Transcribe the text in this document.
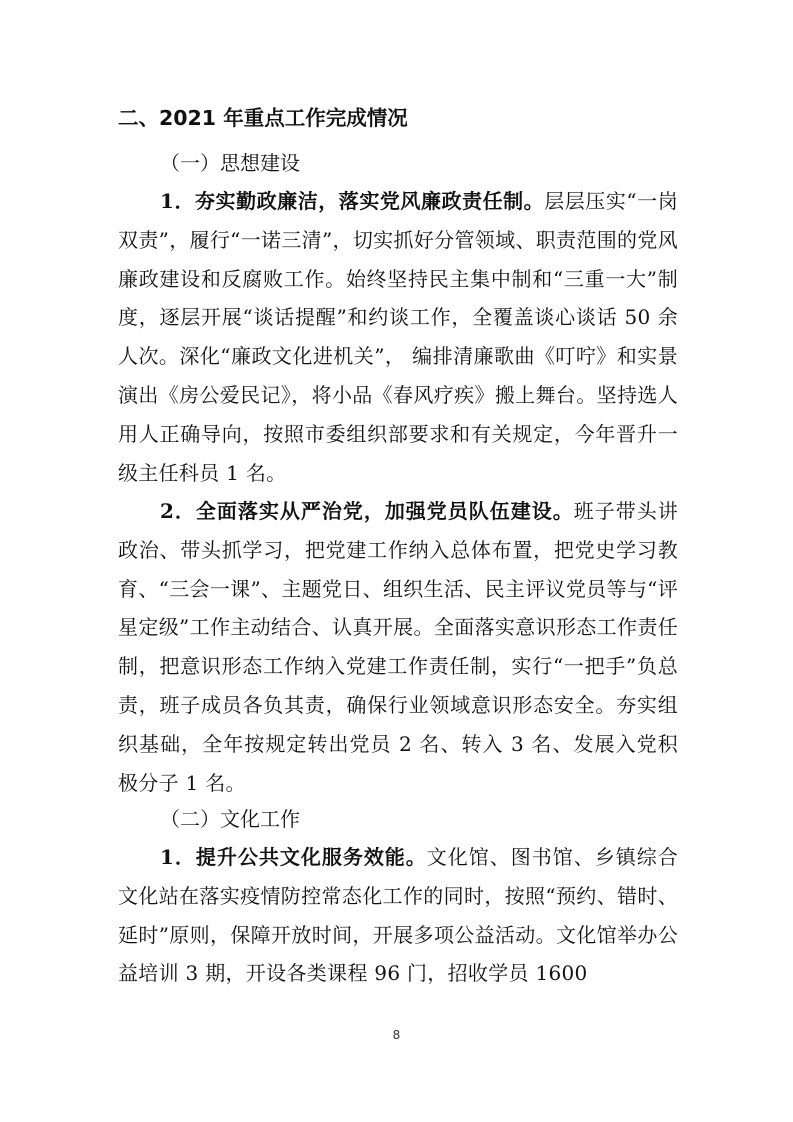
二、2021 年重点工作完成情况
（一）思想建设

1．夯实勤政廉洁，落实党风廉政责任制。层层压实“一岗双责”，履行“一诺三清”，切实抓好分管领域、职责范围的党风廉政建设和反腐败工作。始终坚持民主集中制和“三重一大”制度，逐层开展“谈话提醒”和约谈工作，全覆盖谈心谈话 50 余人次。深化“廉政文化进机关”， 编排清廉歌曲《叮咛》和实景演出《房公爱民记》，将小品《春风疗疾》搬上舞台。坚持选人用人正确导向，按照市委组织部要求和有关规定，今年晋升一级主任科员 1 名。

2．全面落实从严治党，加强党员队伍建设。班子带头讲政治、带头抓学习，把党建工作纳入总体布置，把党史学习教育、“三会一课”、主题党日、组织生活、民主评议党员等与“评星定级”工作主动结合、认真开展。全面落实意识形态工作责任制，把意识形态工作纳入党建工作责任制，实行“一把手”负总责，班子成员各负其责，确保行业领域意识形态安全。夯实组织基础，全年按规定转出党员 2 名、转入 3 名、发展入党积极分子 1 名。

（二）文化工作

1．提升公共文化服务效能。文化馆、图书馆、乡镇综合文化站在落实疫情防控常态化工作的同时，按照“预约、错时、延时”原则，保障开放时间，开展多项公益活动。文化馆举办公益培训 3 期，开设各类课程 96 门，招收学员 1600

8
